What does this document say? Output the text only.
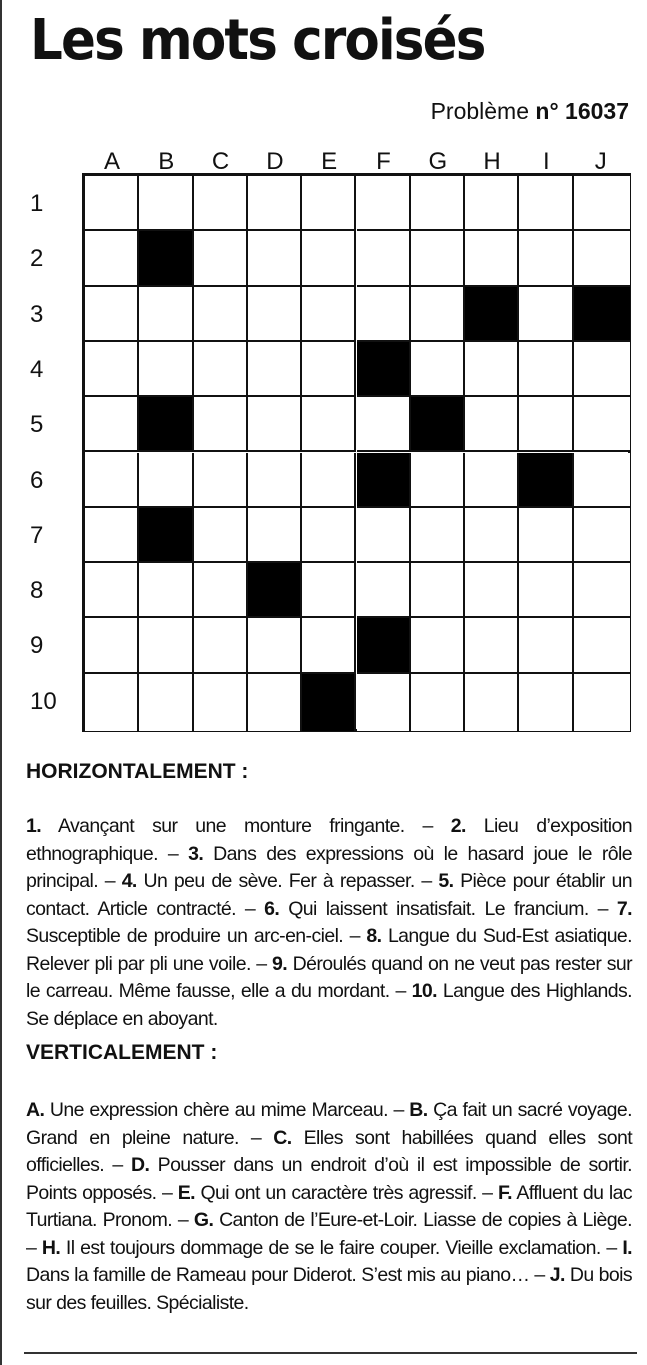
Les mots croisés
Problème n° 16037
A	B	C	D	E	F	G	H	I	J
1
2
3
4
5
6
7
8
9
10
HORIZONTALEMENT :
1. Avançant sur une monture fringante. – 2. Lieu d’exposition ethnographique. – 3. Dans des expressions où le hasard joue le rôle principal. – 4. Un peu de sève. Fer à repasser. – 5. Pièce pour établir un contact. Article contracté. – 6. Qui laissent insatisfait. Le francium. – 7. Susceptible de produire un arc-en-ciel. – 8. Langue du Sud-Est asiatique. Relever pli par pli une voile. – 9. Déroulés quand on ne veut pas rester sur le carreau. Même fausse, elle a du mordant. – 10. Langue des Highlands. Se déplace en aboyant.
VERTICALEMENT :
A. Une expression chère au mime Marceau. – B. Ça fait un sacré voyage. Grand en pleine nature. – C. Elles sont habillées quand elles sont officielles. – D. Pousser dans un endroit d’où il est impossible de sortir. Points opposés. – E. Qui ont un caractère très agressif. – F. Affluent du lac Turtiana. Pronom. – G. Canton de l’Eure-et-Loir. Liasse de copies à Liège. – H. Il est toujours dommage de se le faire couper. Vieille exclamation. – I. Dans la famille de Rameau pour Diderot. S’est mis au piano… – J. Du bois sur des feuilles. Spécialiste.
